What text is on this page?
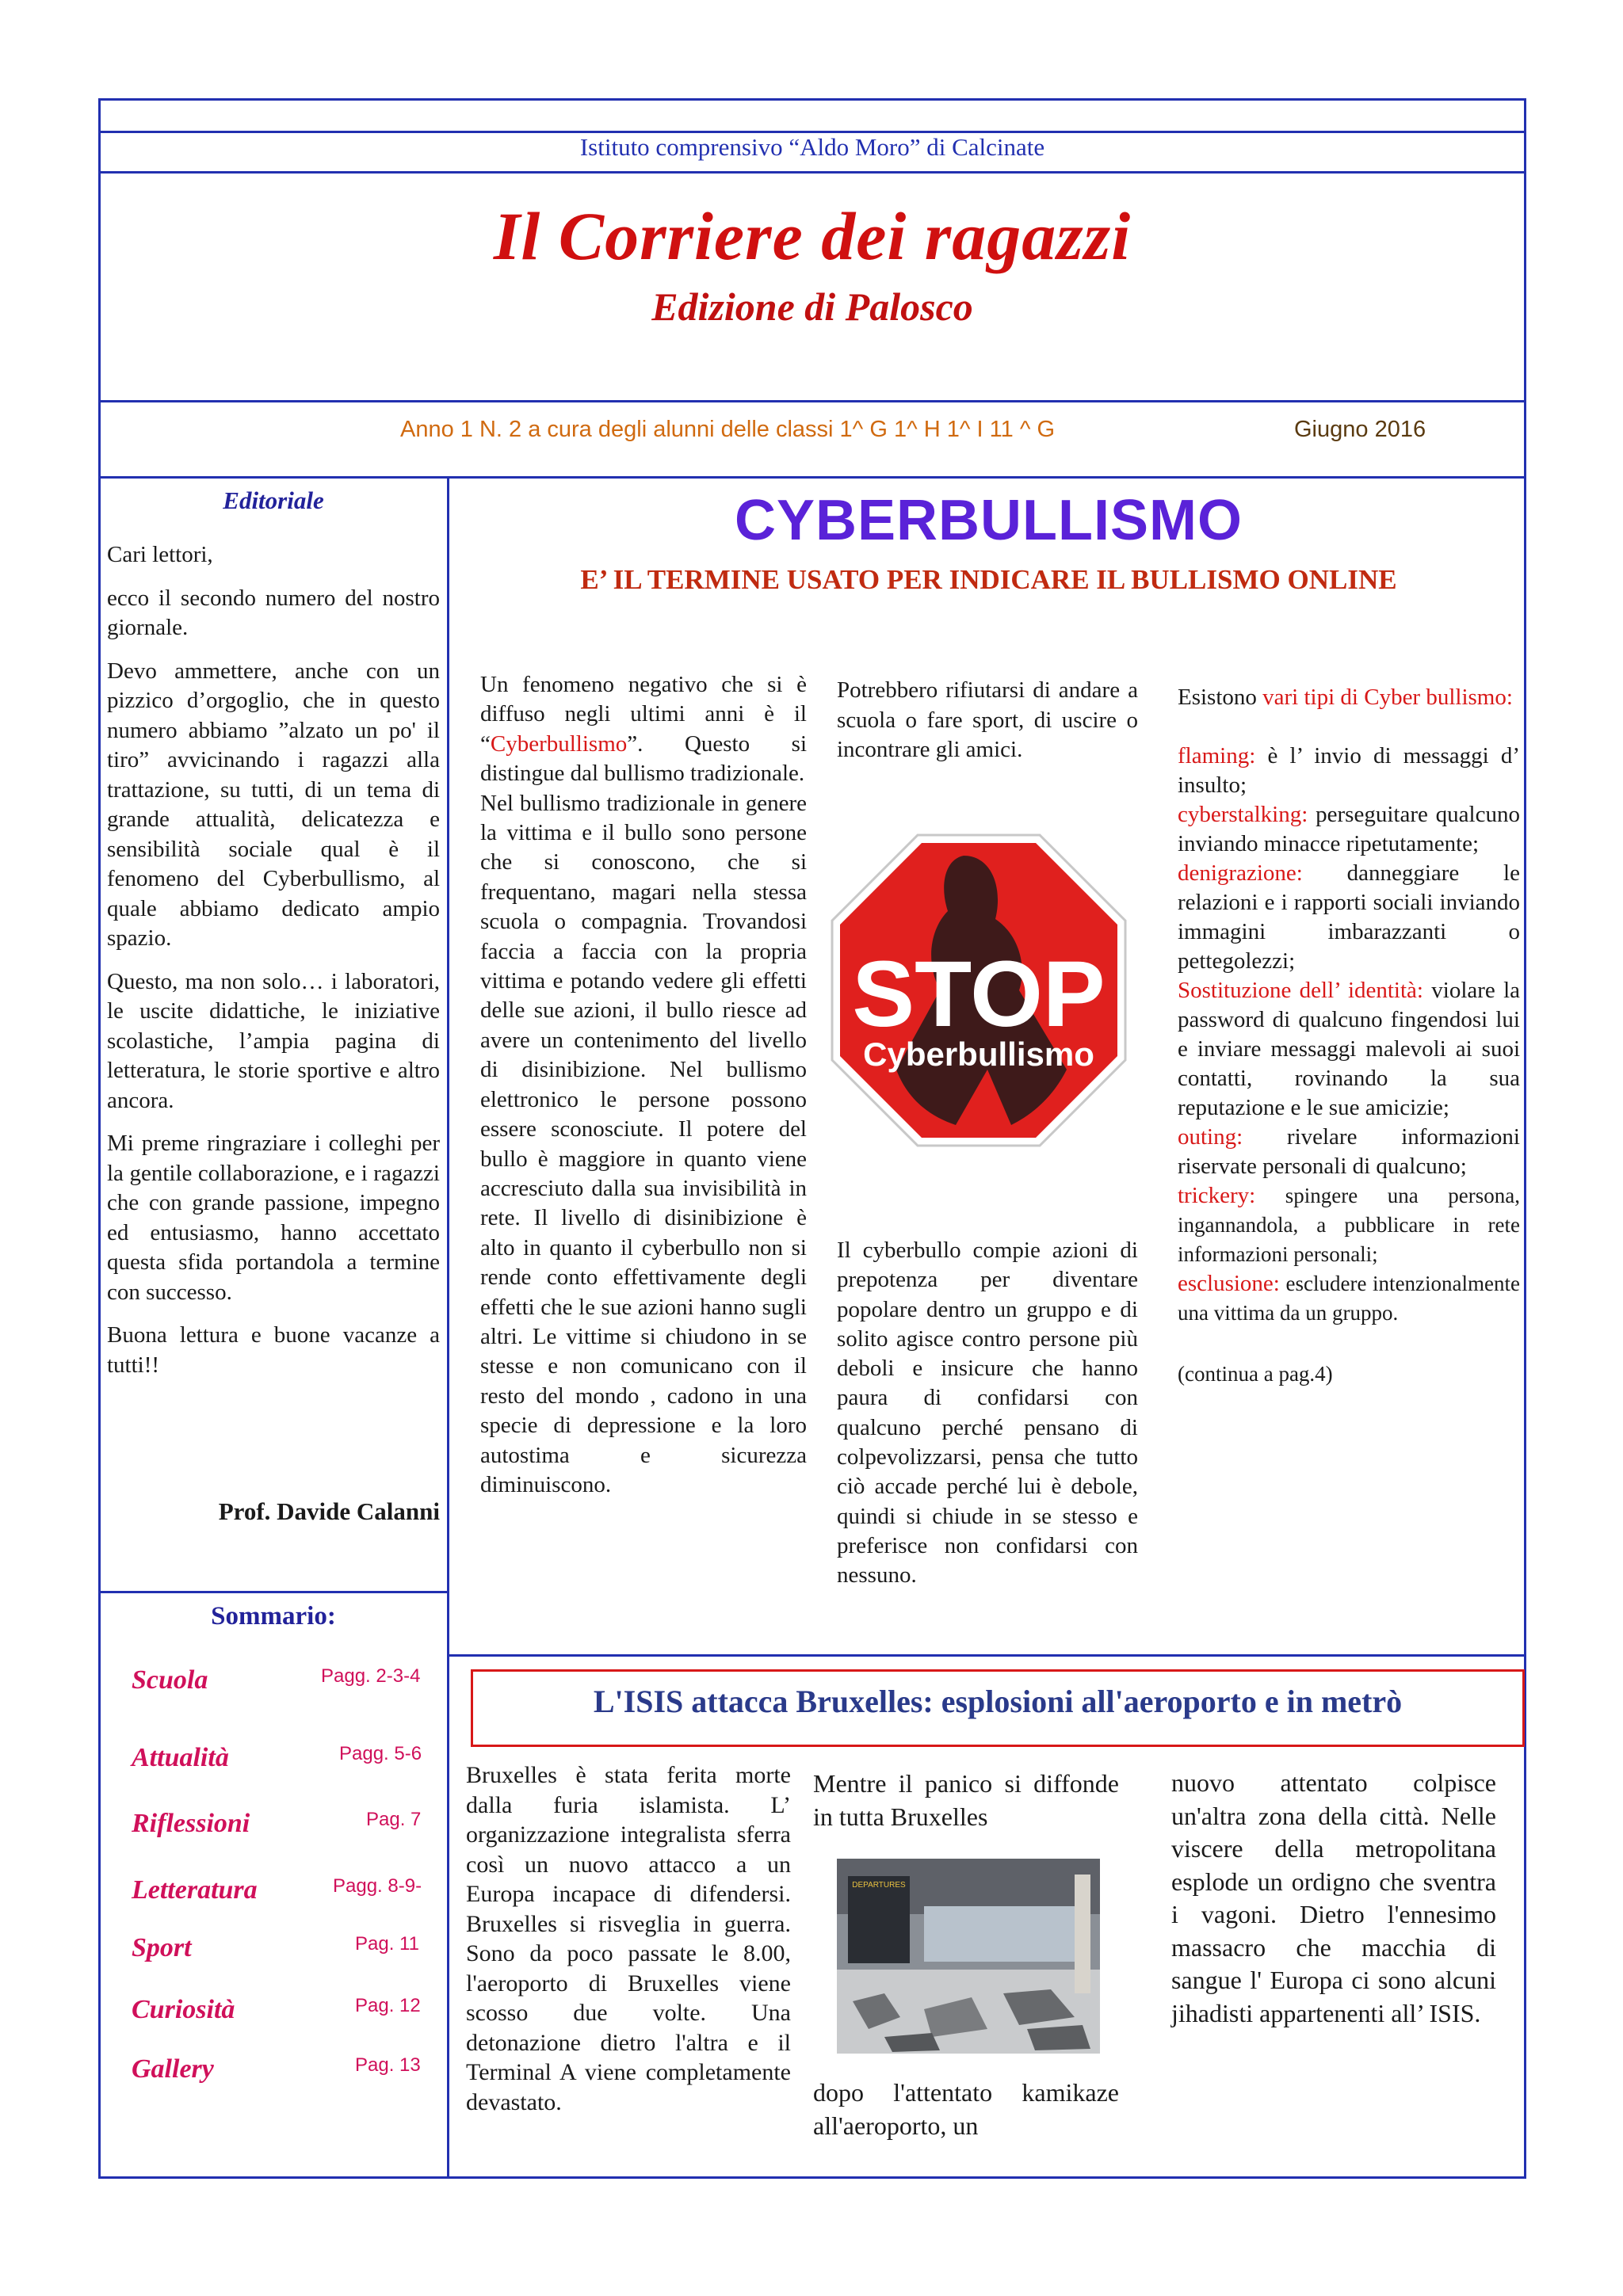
Istituto comprensivo “Aldo Moro” di Calcinate
Il Corriere dei ragazzi
Edizione di Palosco
Anno 1 N. 2 a cura degli alunni delle classi 1^ G 1^ H 1^ I 11 ^ G	Giugno 2016
Editoriale

Cari lettori,

ecco il secondo numero del nostro giornale.

Devo ammettere, anche con un pizzico d’orgoglio, che in questo numero abbiamo ”alzato un po' il tiro” avvicinando i ragazzi alla trattazione, su tutti, di un tema di grande attualità, delicatezza e sensibilità sociale qual è il fenomeno del Cyberbullismo, al quale abbiamo dedicato ampio spazio.

Questo, ma non solo… i laboratori, le uscite didattiche, le iniziative scolastiche, l’ampia pagina di letteratura, le storie sportive e altro ancora.

Mi preme ringraziare i colleghi per la gentile collaborazione, e i ragazzi che con grande passione, impegno ed entusiasmo, hanno accettato questa sfida portandola a termine con successo.

Buona lettura e buone vacanze a tutti!!

Prof. Davide Calanni
Sommario:
Scuola	Pagg. 2-3-4
Attualità	Pagg. 5-6
Riflessioni	Pag. 7
Letteratura	Pagg. 8-9-
Sport	Pag. 11
Curiosità	Pag. 12
Gallery	Pag. 13
CYBERBULLISMO
E’ IL TERMINE USATO PER INDICARE IL BULLISMO ONLINE
Un fenomeno negativo che si è diffuso negli ultimi anni è il “Cyberbullismo”. Questo si distingue dal bullismo tradizionale.
Nel bullismo tradizionale in genere la vittima e il bullo sono persone che si conoscono, che si frequentano, magari nella stessa scuola o compagnia. Trovandosi faccia a faccia con la propria vittima e potando vedere gli effetti delle sue azioni, il bullo riesce ad avere un contenimento del livello di disinibizione. Nel bullismo elettronico le persone possono essere sconosciute. Il potere del bullo è maggiore in quanto viene accresciuto dalla sua invisibilità in rete. Il livello di disinibizione è alto in quanto il cyberbullo non si rende conto effettivamente degli effetti che le sue azioni hanno sugli altri. Le vittime si chiudono in se stesse e non comunicano con il resto del mondo , cadono in una specie di depressione e la loro autostima e sicurezza diminuiscono.
Potrebbero rifiutarsi di andare a scuola o fare sport, di uscire o incontrare gli amici.
STOP
Cyberbullismo
Il cyberbullo compie azioni di prepotenza per diventare popolare dentro un gruppo e di solito agisce contro persone più deboli e insicure che hanno paura di confidarsi con qualcuno perché pensano di colpevolizzarsi, pensa che tutto ciò accade perché lui è debole, quindi si chiude in se stesso e preferisce non confidarsi con nessuno.
Esistono vari tipi di Cyber bullismo:
flaming: è l’ invio di messaggi d’ insulto;
cyberstalking: perseguitare qualcuno inviando minacce ripetutamente;
denigrazione: danneggiare le relazioni e i rapporti sociali inviando immagini imbarazzanti o pettegolezzi;
Sostituzione dell’ identità: violare la password di qualcuno fingendosi lui e inviare messaggi malevoli ai suoi contatti, rovinando la sua reputazione e le sue amicizie;
outing: rivelare informazioni riservate personali di qualcuno;
trickery: spingere una persona, ingannandola, a pubblicare in rete informazioni personali;
esclusione: escludere intenzionalmente una vittima da un gruppo.
(continua a pag.4)
L'ISIS attacca Bruxelles: esplosioni all'aeroporto e in metrò
Bruxelles è stata ferita morte dalla furia islamista. L’ organizzazione integralista sferra così un nuovo attacco a un Europa incapace di difendersi. Bruxelles si risveglia in guerra. Sono da poco passate le 8.00, l'aeroporto di Bruxelles viene scosso due volte. Una detonazione dietro l'altra e il Terminal A viene completamente devastato.
Mentre il panico si diffonde in tutta Bruxelles
DEPARTURES
dopo l'attentato kamikaze all'aeroporto, un
nuovo attentato colpisce un'altra zona della città. Nelle viscere della metropolitana esplode un ordigno che sventra i vagoni. Dietro l'ennesimo massacro che macchia di sangue l' Europa ci sono alcuni jihadisti appartenenti all’ ISIS.
